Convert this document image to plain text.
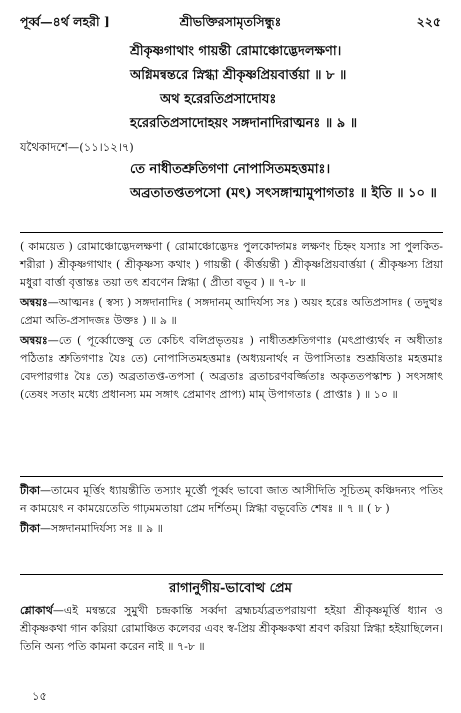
পূর্ব্ব—৪র্থ লহরী ]	শ্রীভক্তিরসামৃতসিন্ধুঃ	২২৫
শ্রীকৃষ্ণগাথাং গায়ন্তী রোমাঞ্চোদ্ভেদলক্ষণা।
অগ্নিমন্বন্তরে স্নিগ্ধা শ্রীকৃষ্ণপ্রিয়বার্ত্তয়া ॥ ৮ ॥
অথ হরেরতিপ্রসাদোযঃ
হরেরতিপ্রসাদোহয়ং সঙ্গদানাদিরাত্মনঃ ॥ ৯ ॥
যথৈকাদশে—(১১।১২।৭)
তে নাধীতশ্রুতিগণা নোপাসিতমহত্তমাঃ।
অব্রতাতপ্ততপসো (মৎ) সৎসঙ্গান্মামুপাগতাঃ ॥ ইতি ॥ ১০ ॥

( কাময়েত ) রোমাঞ্চোদ্ভেদলক্ষণা ( রোমাঞ্চোদ্ভেদঃ পুলকোদ্গমঃ লক্ষণং চিহ্নং যস্যাঃ সা পুলকিত-শরীরা ) শ্রীকৃষ্ণগাথাং ( শ্রীকৃষ্ণস্য কথাং ) গায়ন্তী ( কীর্ত্তয়ন্তী ) শ্রীকৃষ্ণপ্রিয়বার্ত্তয়া ( শ্রীকৃষ্ণস্য প্রিয়া মধুরা বার্ত্তা বৃত্তান্তঃ তয়া তৎ শ্রবণেন স্নিগ্ধা ( প্রীতা বভূব ) ॥ ৭-৮ ॥

অন্বয়ঃ—আত্মনঃ ( স্বস্য ) সঙ্গদানাদিঃ ( সঙ্গদানম্ আদির্যস্য সঃ ) অয়ং হরেঃ অতিপ্রসাদঃ ( তদুত্থঃ প্রেমা অতি-প্রসাদজঃ উক্তঃ ) ॥ ৯ ॥

অন্বয়ঃ—তে ( পূর্ব্বোক্তেষু তে কেচিৎ বলিপ্রভৃতয়ঃ ) নাধীতশ্রুতিগণাঃ (মৎপ্রাপ্ত্যর্থং ন অধীতাঃ পঠিতাঃ শ্রুতিগণাঃ যৈঃ তে) নোপাসিতমহত্তমাঃ (অধ্যয়নার্থং ন উপাসিতাঃ শুশ্রূষিতাঃ মহত্তমাঃ বেদপারগাঃ যৈঃ তে) অব্রতাতপ্ত-তপসা ( অব্রতাঃ ব্রতাচরণবর্জ্জিতাঃ অকৃততপস্কাশ্চ ) সৎসঙ্গাৎ (তেষং সতাং মধ্যে প্রধানস্য মম সঙ্গাৎ প্রেমাণং প্রাপ্য) মাম্ উপাগতাঃ ( প্রাপ্তাঃ ) ॥ ১০ ॥

টীকা—তামেব মূর্ত্তিং ধ্যায়ন্তীতি তস্যাং মূর্ত্তৌ পূর্ব্বং ভাবো জাত আসীদিতি সূচিতম্ কঞ্চিদন্যং পতিং ন কাময়েৎ ন কাময়েতেতি গাঢ়মমতায়া প্রেম দর্শিতম্। স্নিগ্ধা বভূবেতি শেষঃ ॥ ৭ ॥ ( ৮ )

টীকা—সঙ্গদানমাদির্যস্য সঃ ॥ ৯ ॥

রাগানুগীয়-ভাবোত্থ প্রেম

শ্লোকার্থ—এই মন্বন্তরে সুমুখী চন্দ্রকান্তি সর্ব্বদা ব্রহ্মচর্য্যব্রতপরায়ণা হইয়া শ্রীকৃষ্ণমূর্ত্তি ধ্যান ও শ্রীকৃষ্ণকথা গান করিয়া রোমাঞ্চিত কলেবর এবং স্ব-প্রিয় শ্রীকৃষ্ণকথা শ্রবণ করিয়া স্নিগ্ধা হইয়াছিলেন। তিনি অন্য পতি কামনা করেন নাই ॥ ৭-৮ ॥

১৫
